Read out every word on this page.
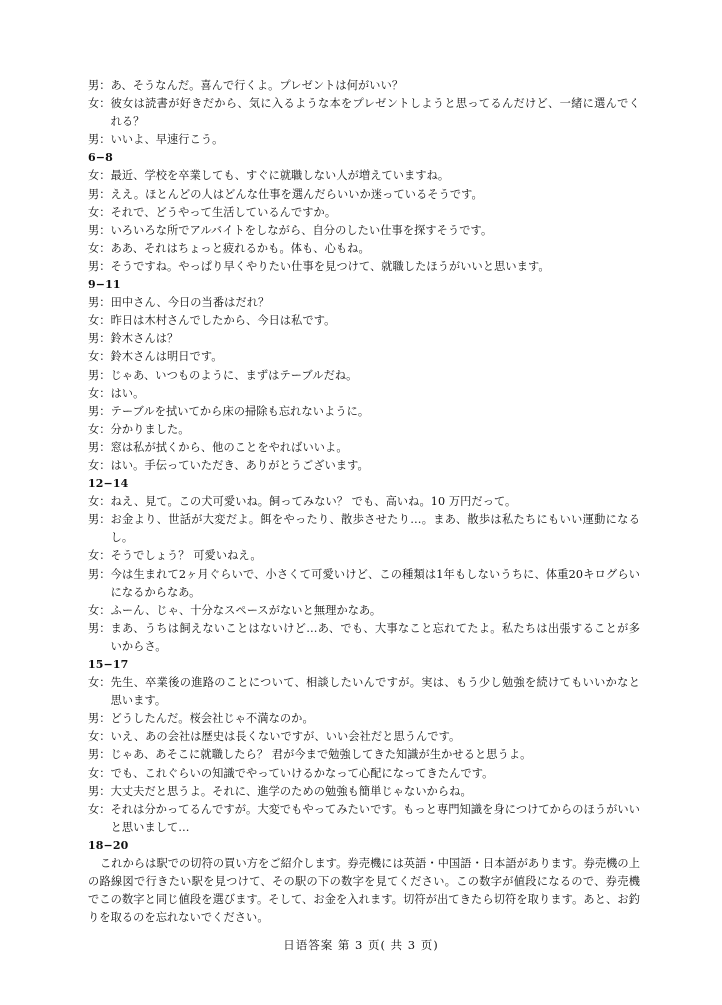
男： あ、そうなんだ。喜んで行くよ。プレゼントは何がいい？
女： 彼女は読書が好きだから、気に入るような本をプレゼントしようと思ってるんだけど、一緒に選んでくれる？
男： いいよ、早速行こう。
6−8
女： 最近、学校を卒業しても、すぐに就職しない人が増えていますね。
男： ええ。ほとんどの人はどんな仕事を選んだらいいか迷っているそうです。
女： それで、どうやって生活しているんですか。
男： いろいろな所でアルバイトをしながら、自分のしたい仕事を探すそうです。
女： ああ、それはちょっと疲れるかも。体も、心もね。
男： そうですね。やっぱり早くやりたい仕事を見つけて、就職したほうがいいと思います。
9−11
男： 田中さん、今日の当番はだれ？
女： 昨日は木村さんでしたから、今日は私です。
男： 鈴木さんは？
女： 鈴木さんは明日です。
男： じゃあ、いつものように、まずはテーブルだね。
女： はい。
男： テーブルを拭いてから床の掃除も忘れないように。
女： 分かりました。
男： 窓は私が拭くから、他のことをやればいいよ。
女： はい。手伝っていただき、ありがとうございます。
12−14
女： ねえ、見て。この犬可愛いね。飼ってみない？ でも、高いね。10 万円だって。
男： お金より、世話が大変だよ。餌をやったり、散歩させたり…。まあ、散歩は私たちにもいい運動になるし。
女： そうでしょう？ 可愛いねえ。
男： 今は生まれて2ヶ月ぐらいで、小さくて可愛いけど、この種類は1年もしないうちに、体重20キログらいになるからなあ。
女： ふーん、じゃ、十分なスペースがないと無理かなあ。
男： まあ、うちは飼えないことはないけど…あ、でも、大事なこと忘れてたよ。私たちは出張することが多いからさ。
15−17
女： 先生、卒業後の進路のことについて、相談したいんですが。実は、もう少し勉強を続けてもいいかなと思います。
男： どうしたんだ。桜会社じゃ不満なのか。
女： いえ、あの会社は歴史は長くないですが、いい会社だと思うんです。
男： じゃあ、あそこに就職したら？ 君が今まで勉強してきた知識が生かせると思うよ。
女： でも、これぐらいの知識でやっていけるかなって心配になってきたんです。
男： 大丈夫だと思うよ。それに、進学のための勉強も簡単じゃないからね。
女： それは分かってるんですが。大変でもやってみたいです。もっと専門知識を身につけてからのほうがいいと思いまして…
18−20
これからは駅での切符の買い方をご紹介します。券売機には英語・中国語・日本語があります。券売機の上の路線図で行きたい駅を見つけて、その駅の下の数字を見てください。この数字が値段になるので、券売機でこの数字と同じ値段を選びます。そして、お金を入れます。切符が出てきたら切符を取ります。あと、お釣りを取るのを忘れないでください。
日语答案 第 3 页( 共 3 页)
